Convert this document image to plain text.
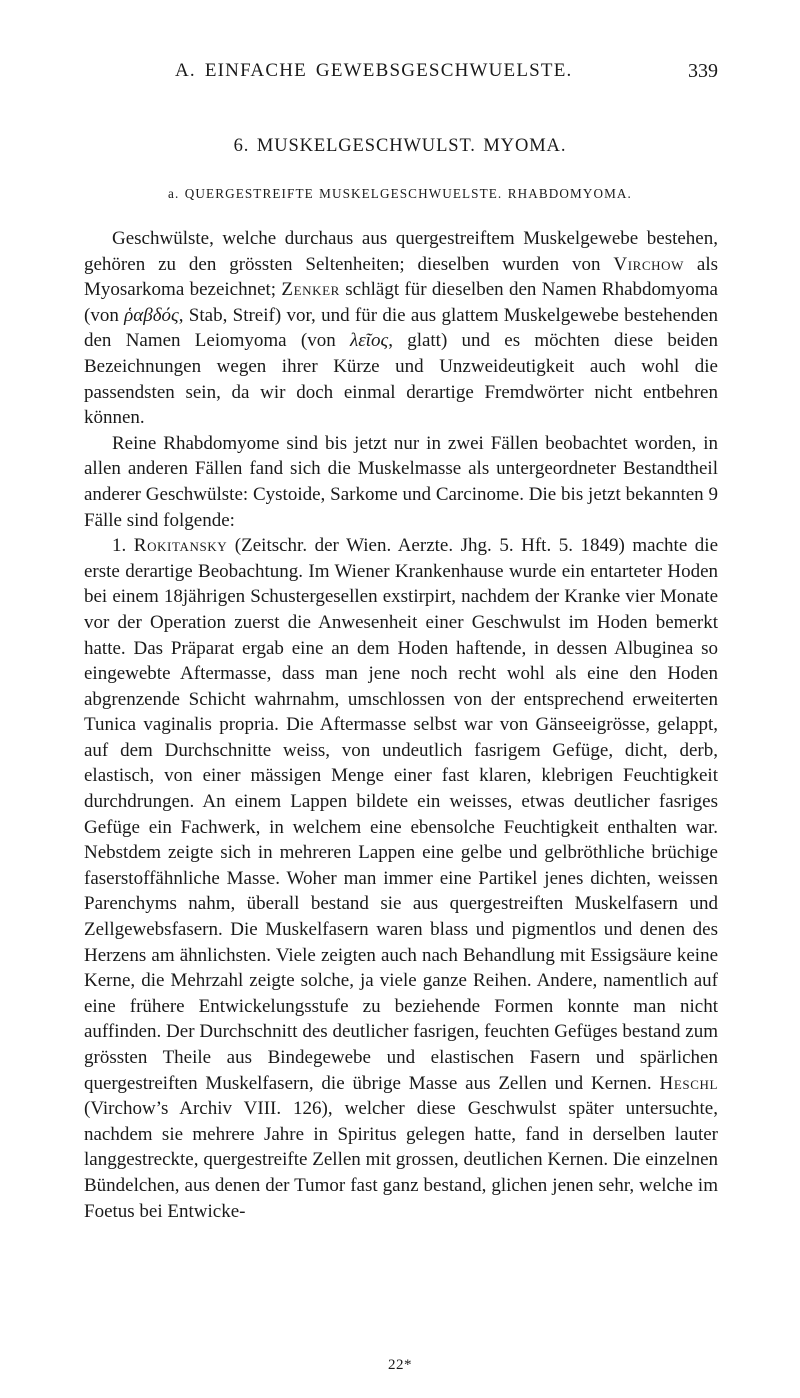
A. EINFACHE GEWEBSGESCHWUELSTE.	339
6. MUSKELGESCHWULST. MYOMA.
a. QUERGESTREIFTE MUSKELGESCHWUELSTE. RHABDOMYOMA.

Geschwülste, welche durchaus aus quergestreiftem Muskelgewebe bestehen, gehören zu den grössten Seltenheiten; dieselben wurden von Virchow als Myosarkoma bezeichnet; Zenker schlägt für dieselben den Namen Rhabdomyoma (von ῥαβδός, Stab, Streif) vor, und für die aus glattem Muskelgewebe bestehenden den Namen Leiomyoma (von λεῖος, glatt) und es möchten diese beiden Bezeichnungen wegen ihrer Kürze und Unzweideutigkeit auch wohl die passendsten sein, da wir doch einmal derartige Fremdwörter nicht entbehren können.

Reine Rhabdomyome sind bis jetzt nur in zwei Fällen beobachtet worden, in allen anderen Fällen fand sich die Muskelmasse als untergeordneter Bestandtheil anderer Geschwülste: Cystoide, Sarkome und Carcinome. Die bis jetzt bekannten 9 Fälle sind folgende:

1. Rokitansky (Zeitschr. der Wien. Aerzte. Jhg. 5. Hft. 5. 1849) machte die erste derartige Beobachtung. Im Wiener Krankenhause wurde ein entarteter Hoden bei einem 18jährigen Schustergesellen exstirpirt, nachdem der Kranke vier Monate vor der Operation zuerst die Anwesenheit einer Geschwulst im Hoden bemerkt hatte. Das Präparat ergab eine an dem Hoden haftende, in dessen Albuginea so eingewebte Aftermasse, dass man jene noch recht wohl als eine den Hoden abgrenzende Schicht wahrnahm, umschlossen von der entsprechend erweiterten Tunica vaginalis propria. Die Aftermasse selbst war von Gänseeigrösse, gelappt, auf dem Durchschnitte weiss, von undeutlich fasrigem Gefüge, dicht, derb, elastisch, von einer mässigen Menge einer fast klaren, klebrigen Feuchtigkeit durchdrungen. An einem Lappen bildete ein weisses, etwas deutlicher fasriges Gefüge ein Fachwerk, in welchem eine ebensolche Feuchtigkeit enthalten war. Nebstdem zeigte sich in mehreren Lappen eine gelbe und gelbröthliche brüchige faserstoffähnliche Masse. Woher man immer eine Partikel jenes dichten, weissen Parenchyms nahm, überall bestand sie aus quergestreiften Muskelfasern und Zellgewebsfasern. Die Muskelfasern waren blass und pigmentlos und denen des Herzens am ähnlichsten. Viele zeigten auch nach Behandlung mit Essigsäure keine Kerne, die Mehrzahl zeigte solche, ja viele ganze Reihen. Andere, namentlich auf eine frühere Entwickelungsstufe zu beziehende Formen konnte man nicht auffinden. Der Durchschnitt des deutlicher fasrigen, feuchten Gefüges bestand zum grössten Theile aus Bindegewebe und elastischen Fasern und spärlichen quergestreiften Muskelfasern, die übrige Masse aus Zellen und Kernen. Heschl (Virchow’s Archiv VIII. 126), welcher diese Geschwulst später untersuchte, nachdem sie mehrere Jahre in Spiritus gelegen hatte, fand in derselben lauter langgestreckte, quergestreifte Zellen mit grossen, deutlichen Kernen. Die einzelnen Bündelchen, aus denen der Tumor fast ganz bestand, glichen jenen sehr, welche im Foetus bei Entwicke-

22*
